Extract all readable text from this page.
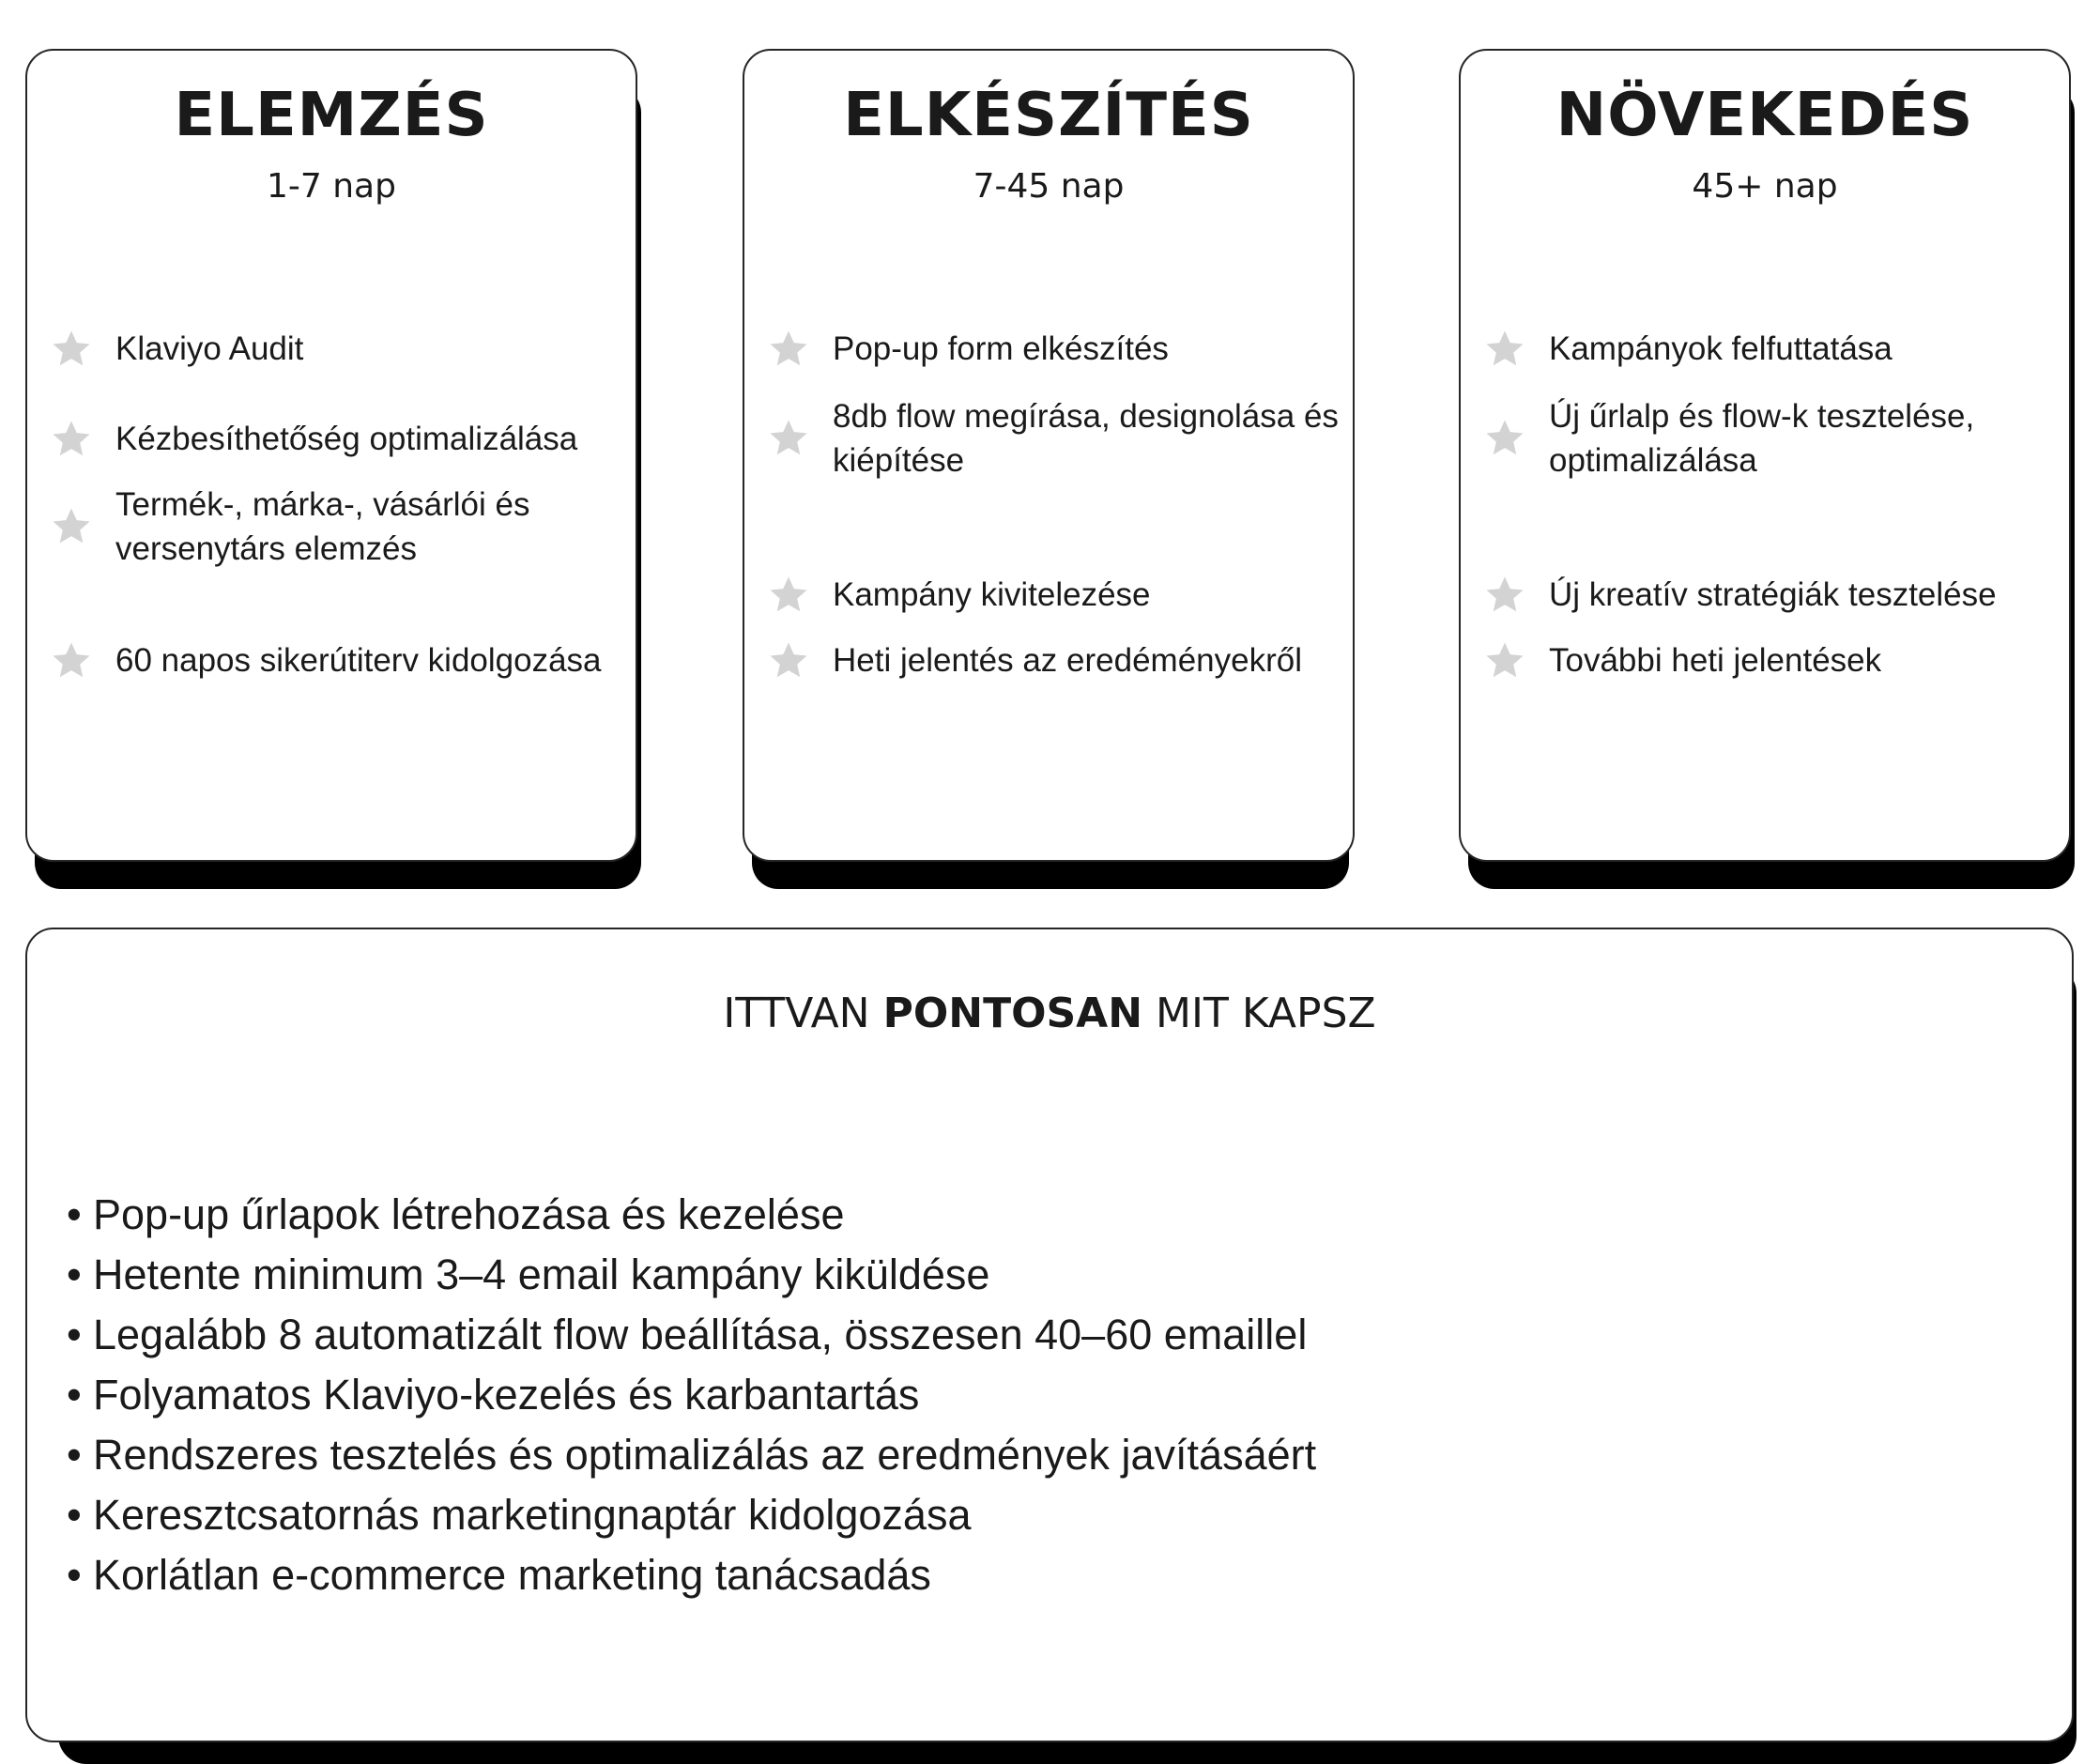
ELEMZÉS
1-7 nap
Klaviyo Audit
Kézbesíthetőség optimalizálása
Termék-, márka-, vásárlói és versenytárs elemzés
60 napos sikerútiterv kidolgozása
ELKÉSZÍTÉS
7-45 nap
Pop-up form elkészítés
8db flow megírása, designolása és kiépítése
Kampány kivitelezése
Heti jelentés az eredéményekről
NÖVEKEDÉS
45+ nap
Kampányok felfuttatása
Új űrlalp és flow-k tesztelése, optimalizálása
Új kreatív stratégiák tesztelése
További heti jelentések
ITTVAN PONTOSAN MIT KAPSZ
• Pop-up űrlapok létrehozása és kezelése
• Hetente minimum 3–4 email kampány kiküldése
• Legalább 8 automatizált flow beállítása, összesen 40–60 emaillel
• Folyamatos Klaviyo-kezelés és karbantartás
• Rendszeres tesztelés és optimalizálás az eredmények javításáért
• Keresztcsatornás marketingnaptár kidolgozása
• Korlátlan e-commerce marketing tanácsadás
